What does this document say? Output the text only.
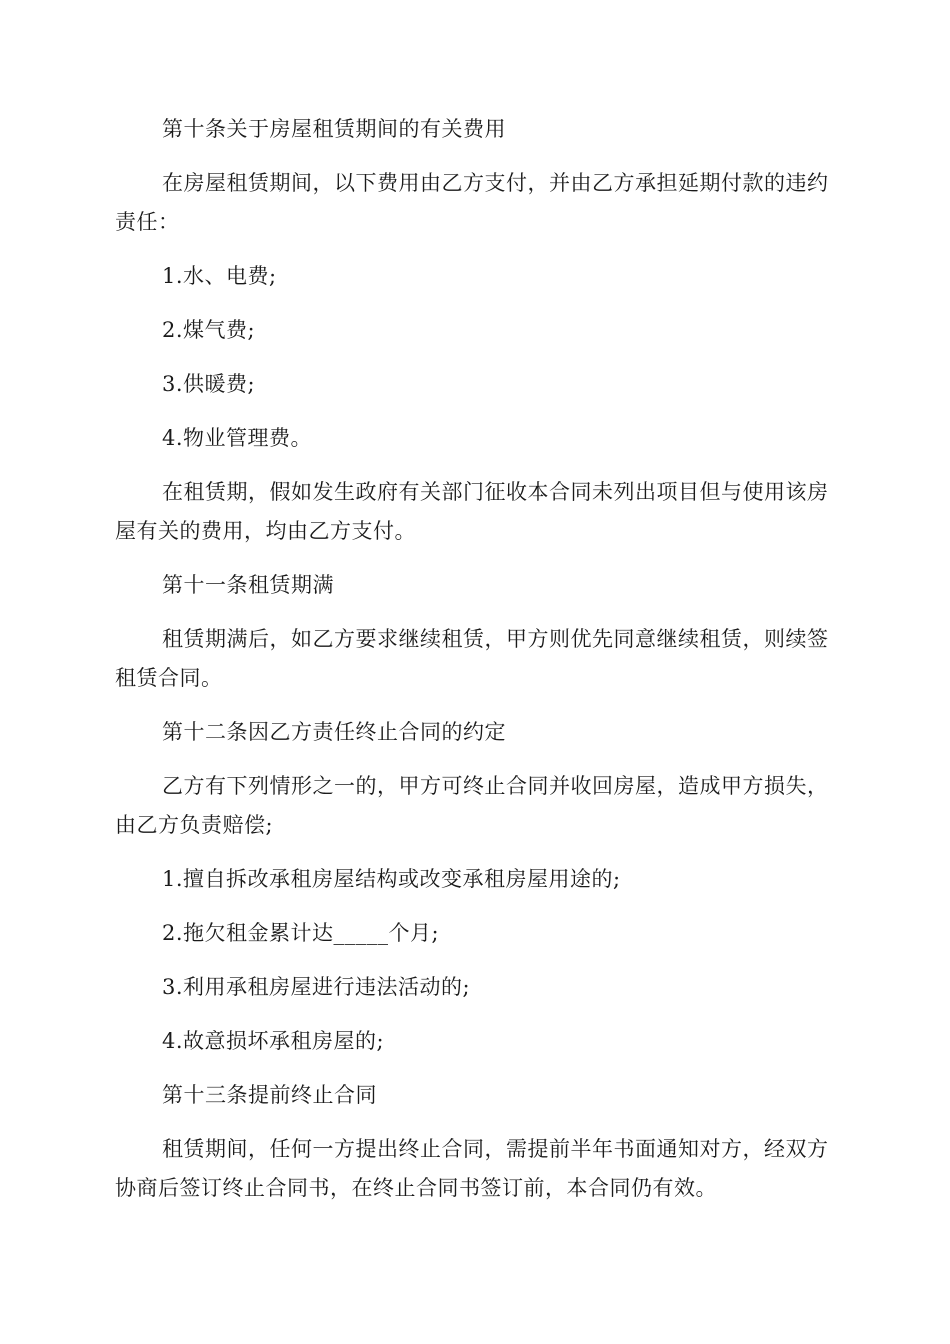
第十条关于房屋租赁期间的有关费用

在房屋租赁期间，以下费用由乙方支付，并由乙方承担延期付款的违约责任：

1.水、电费;

2.煤气费;

3.供暖费;

4.物业管理费。

在租赁期，假如发生政府有关部门征收本合同未列出项目但与使用该房屋有关的费用，均由乙方支付。

第十一条租赁期满

租赁期满后，如乙方要求继续租赁，甲方则优先同意继续租赁，则续签租赁合同。

第十二条因乙方责任终止合同的约定

乙方有下列情形之一的，甲方可终止合同并收回房屋，造成甲方损失，由乙方负责赔偿;

1.擅自拆改承租房屋结构或改变承租房屋用途的;

2.拖欠租金累计达_____个月;

3.利用承租房屋进行违法活动的;

4.故意损坏承租房屋的;

第十三条提前终止合同

租赁期间，任何一方提出终止合同，需提前半年书面通知对方，经双方协商后签订终止合同书，在终止合同书签订前，本合同仍有效。
